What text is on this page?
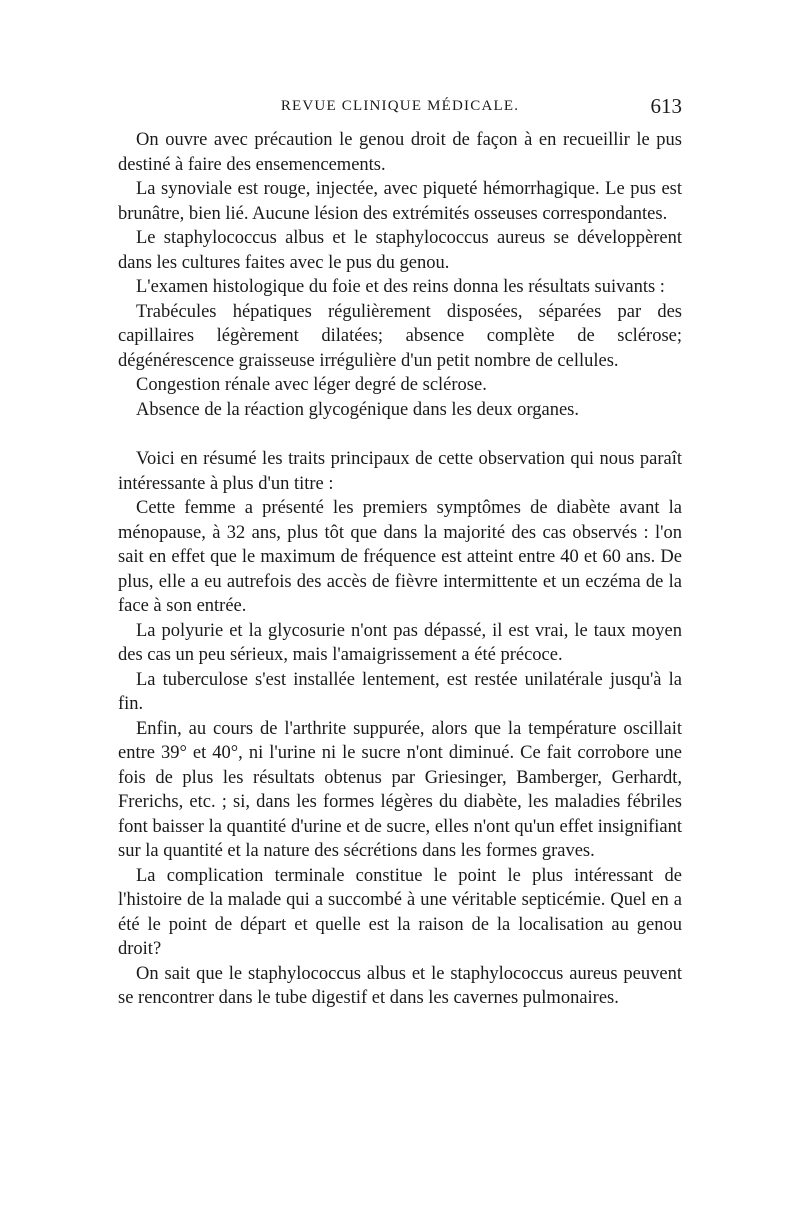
REVUE CLINIQUE MÉDICALE.	613

On ouvre avec précaution le genou droit de façon à en recueillir le pus destiné à faire des ensemencements.

La synoviale est rouge, injectée, avec piqueté hémorrhagique. Le pus est brunâtre, bien lié. Aucune lésion des extrémités osseuses correspondantes.

Le staphylococcus albus et le staphylococcus aureus se développèrent dans les cultures faites avec le pus du genou.

L'examen histologique du foie et des reins donna les résultats suivants :

Trabécules hépatiques régulièrement disposées, séparées par des capillaires légèrement dilatées; absence complète de sclérose; dégénérescence graisseuse irrégulière d'un petit nombre de cellules.

Congestion rénale avec léger degré de sclérose.

Absence de la réaction glycogénique dans les deux organes.

Voici en résumé les traits principaux de cette observation qui nous paraît intéressante à plus d'un titre :

Cette femme a présenté les premiers symptômes de diabète avant la ménopause, à 32 ans, plus tôt que dans la majorité des cas observés : l'on sait en effet que le maximum de fréquence est atteint entre 40 et 60 ans. De plus, elle a eu autrefois des accès de fièvre intermittente et un eczéma de la face à son entrée.

La polyurie et la glycosurie n'ont pas dépassé, il est vrai, le taux moyen des cas un peu sérieux, mais l'amaigrissement a été précoce.

La tuberculose s'est installée lentement, est restée unilatérale jusqu'à la fin.

Enfin, au cours de l'arthrite suppurée, alors que la température oscillait entre 39° et 40°, ni l'urine ni le sucre n'ont diminué. Ce fait corrobore une fois de plus les résultats obtenus par Griesinger, Bamberger, Gerhardt, Frerichs, etc. ; si, dans les formes légères du diabète, les maladies fébriles font baisser la quantité d'urine et de sucre, elles n'ont qu'un effet insignifiant sur la quantité et la nature des sécrétions dans les formes graves.

La complication terminale constitue le point le plus intéressant de l'histoire de la malade qui a succombé à une véritable septicémie. Quel en a été le point de départ et quelle est la raison de la localisation au genou droit?

On sait que le staphylococcus albus et le staphylococcus aureus peuvent se rencontrer dans le tube digestif et dans les cavernes pulmonaires.
